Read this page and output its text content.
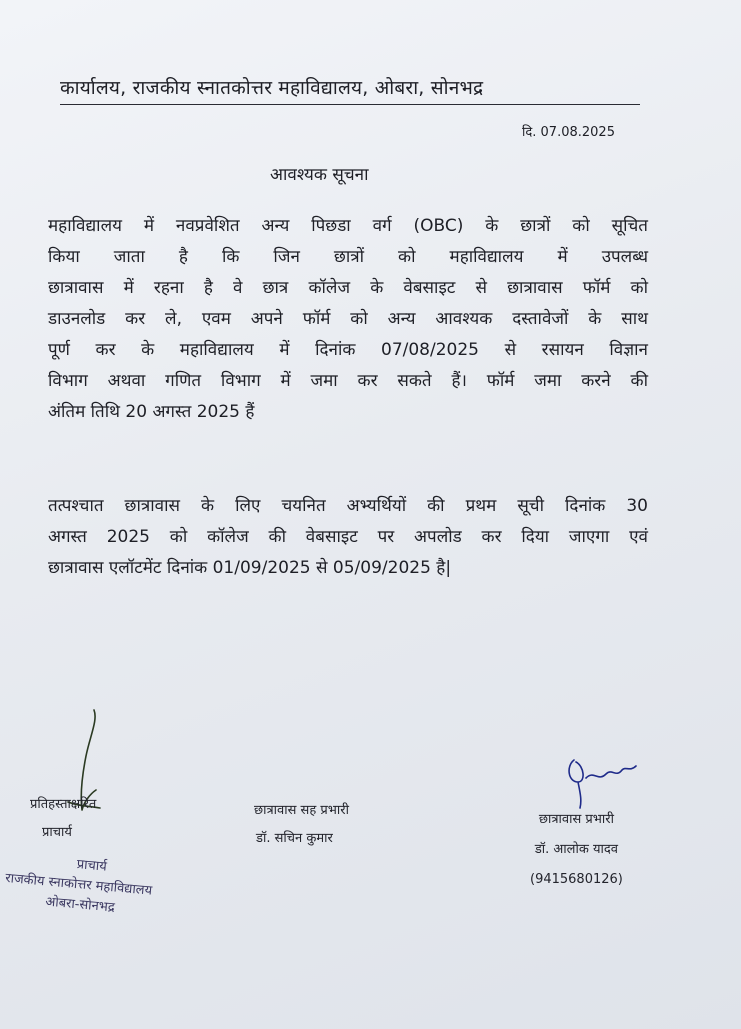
कार्यालय, राजकीय स्नातकोत्तर महाविद्यालय, ओबरा, सोनभद्र
दि. 07.08.2025
आवश्यक सूचना
महाविद्यालय में नवप्रवेशित अन्य पिछडा वर्ग (OBC) के छात्रों को सूचित
किया जाता है कि जिन छात्रों को महाविद्यालय में उपलब्ध
छात्रावास में रहना है वे छात्र कॉलेज के वेबसाइट से छात्रावास फॉर्म को
डाउनलोड कर ले, एवम अपने फॉर्म को अन्य आवश्यक दस्तावेजों के साथ
पूर्ण कर के महाविद्यालय में दिनांक 07/08/2025 से रसायन विज्ञान
विभाग अथवा गणित विभाग में जमा कर सकते हैं। फॉर्म जमा करने की
अंतिम तिथि 20 अगस्त 2025 हैं
तत्पश्चात छात्रावास के लिए चयनित अभ्यर्थियों की प्रथम सूची दिनांक 30
अगस्त 2025 को कॉलेज की वेबसाइट पर अपलोड कर दिया जाएगा एवं
छात्रावास एलॉटमेंट दिनांक 01/09/2025 से 05/09/2025 है|
प्रतिहस्ताक्षरित
प्राचार्य
प्राचार्य
राजकीय स्नाकोत्तर महाविद्यालय
ओबरा-सोनभद्र
छात्रावास सह प्रभारी
डॉ. सचिन कुमार
छात्रावास प्रभारी
डॉ. आलोक यादव
(9415680126)
